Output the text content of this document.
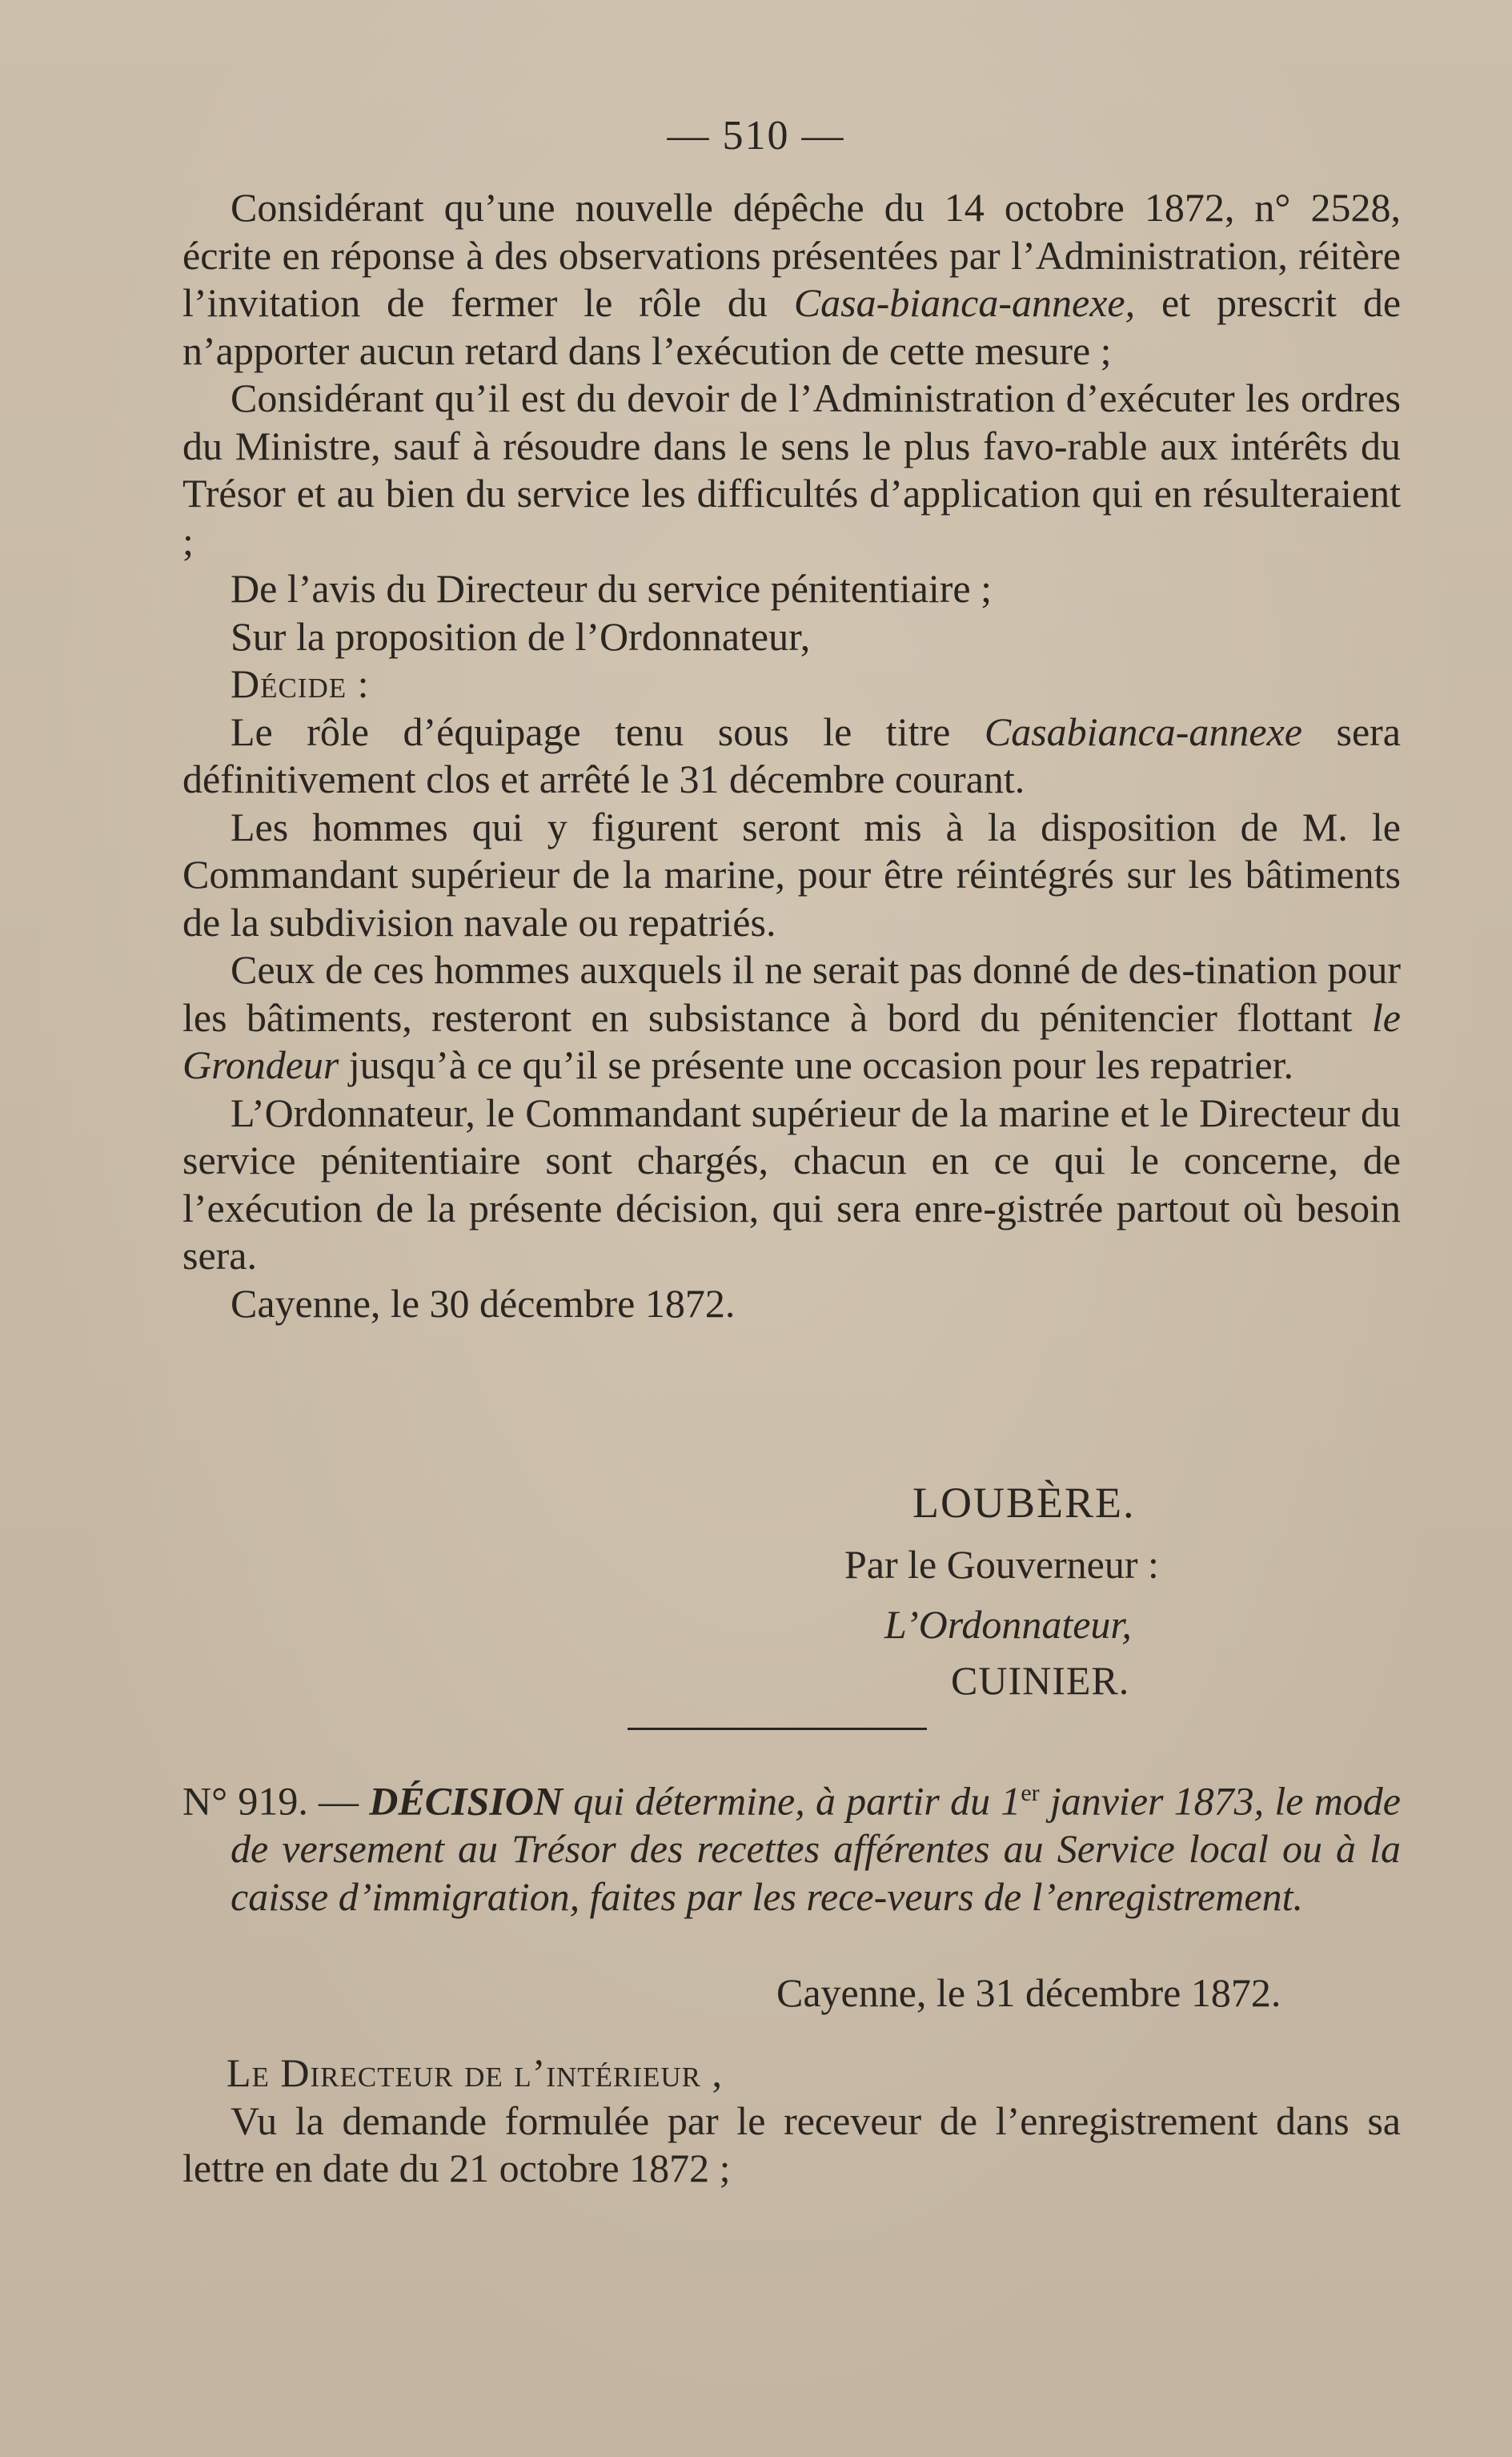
— 510 —

Considérant qu’une nouvelle dépêche du 14 octobre 1872, n° 2528, écrite en réponse à des observations présentées par l’Administration, réitère l’invitation de fermer le rôle du Casa-bianca-annexe, et prescrit de n’apporter aucun retard dans l’exécution de cette mesure ;

Considérant qu’il est du devoir de l’Administration d’exécuter les ordres du Ministre, sauf à résoudre dans le sens le plus favo-rable aux intérêts du Trésor et au bien du service les difficultés d’application qui en résulteraient ;

De l’avis du Directeur du service pénitentiaire ;

Sur la proposition de l’Ordonnateur,

Décide :

Le rôle d’équipage tenu sous le titre Casabianca-annexe sera définitivement clos et arrêté le 31 décembre courant.

Les hommes qui y figurent seront mis à la disposition de M. le Commandant supérieur de la marine, pour être réintégrés sur les bâtiments de la subdivision navale ou repatriés.

Ceux de ces hommes auxquels il ne serait pas donné de des-tination pour les bâtiments, resteront en subsistance à bord du pénitencier flottant le Grondeur jusqu’à ce qu’il se présente une occasion pour les repatrier.

L’Ordonnateur, le Commandant supérieur de la marine et le Directeur du service pénitentiaire sont chargés, chacun en ce qui le concerne, de l’exécution de la présente décision, qui sera enre-gistrée partout où besoin sera.

Cayenne, le 30 décembre 1872.

LOUBÈRE.
Par le Gouverneur :
L’Ordonnateur,
CUINIER.

N° 919. — DÉCISION qui détermine, à partir du 1er janvier 1873, le mode de versement au Trésor des recettes afférentes au Service local ou à la caisse d’immigration, faites par les rece-veurs de l’enregistrement.

Cayenne, le 31 décembre 1872.

Le Directeur de l’intérieur ,

Vu la demande formulée par le receveur de l’enregistrement dans sa lettre en date du 21 octobre 1872 ;
